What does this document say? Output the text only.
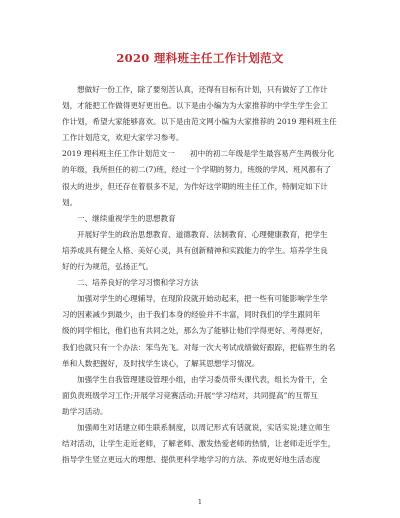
2020 理科班主任工作计划范文

想做好一份工作，除了要刻苦认真，还得有目标有计划，只有做好了工作计

划，才能把工作做得更好更出色。以下是由小编为为大家推荐的中学生学生会工

作计划，希望大家能够喜欢。以下是由范文网小编为大家推荐的 2019 理科班主任

工作计划范文，欢迎大家学习参考。

2019 理科班主任工作计划范文一　　初中的初二年级是学生最容易产生两极分化

的年级，我所担任的初二(7)班，经过一个学期的努力，班级的学风、班风都有了

很大的进步，但还存在着很多不足，为作好这学期的班主任工作，特制定如下计

划。

一、继续重视学生的思想教育

开展好学生的政治思想教育、道德教育、法制教育、心理健康教育，把学生

培养成具有健全人格、美好心灵，具有创新精神和实践能力的学生。培养学生良

好的行为规范，弘扬正气。

二、培养良好的学习习惯和学习方法

加强对学生的心理辅导，在现阶段就开始动起来，把一些有可能影响学生学

习的因素减少到最少，由于我们本身的经验并不丰富，同时我们的学生跟同年

级的同学相比，他们也有共同之处，那么为了能够让他们学得更好、考得更好，

我们也就只有一个办法：笨鸟先飞。对每一次大考试成绩做好跟踪，把临界生的名

单和人数把握好，及时找学生谈心，了解其思想学习情况。

加强学生自我管理建设管理小组，由学习委员带头课代表，组长为骨干，全

面负责班级学习工作;开展学习竞赛活动;开展“学习结对，共同提高”的互帮互

助学习活动。

加强师生对话建立师生联系制度，以周记形式有话就说，实话实说;建立师生

结对活动，让学生走近老师，了解老师、激发热爱老师的热情，让老师走近学生，

指导学生竖立更远大的理想、提供更科学地学习的方法、养成更好地生活态度

1
